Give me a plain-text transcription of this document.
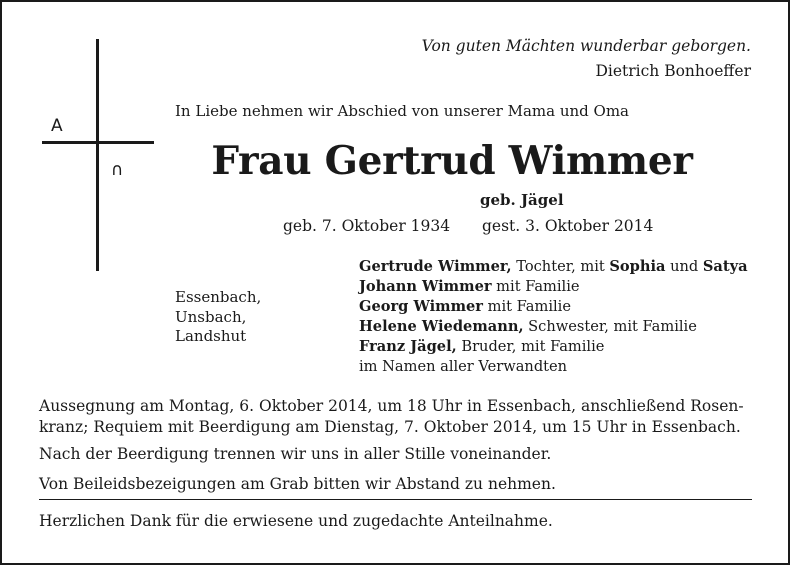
A
∩
Von guten Mächten wunderbar geborgen.
Dietrich Bonhoeffer
In Liebe nehmen wir Abschied von unserer Mama und Oma
Frau Gertrud Wimmer
geb. Jägel
geb. 7. Oktober 1934 gest. 3. Oktober 2014
Essenbach,
Unsbach,
Landshut
Gertrude Wimmer, Tochter, mit Sophia und Satya
Johann Wimmer mit Familie
Georg Wimmer mit Familie
Helene Wiedemann, Schwester, mit Familie
Franz Jägel, Bruder, mit Familie
im Namen aller Verwandten
Aussegnung am Montag, 6. Oktober 2014, um 18 Uhr in Essenbach, anschließend Rosen-kranz; Requiem mit Beerdigung am Dienstag, 7. Oktober 2014, um 15 Uhr in Essenbach.
Nach der Beerdigung trennen wir uns in aller Stille voneinander.
Von Beileidsbezeigungen am Grab bitten wir Abstand zu nehmen.
Herzlichen Dank für die erwiesene und zugedachte Anteilnahme.
